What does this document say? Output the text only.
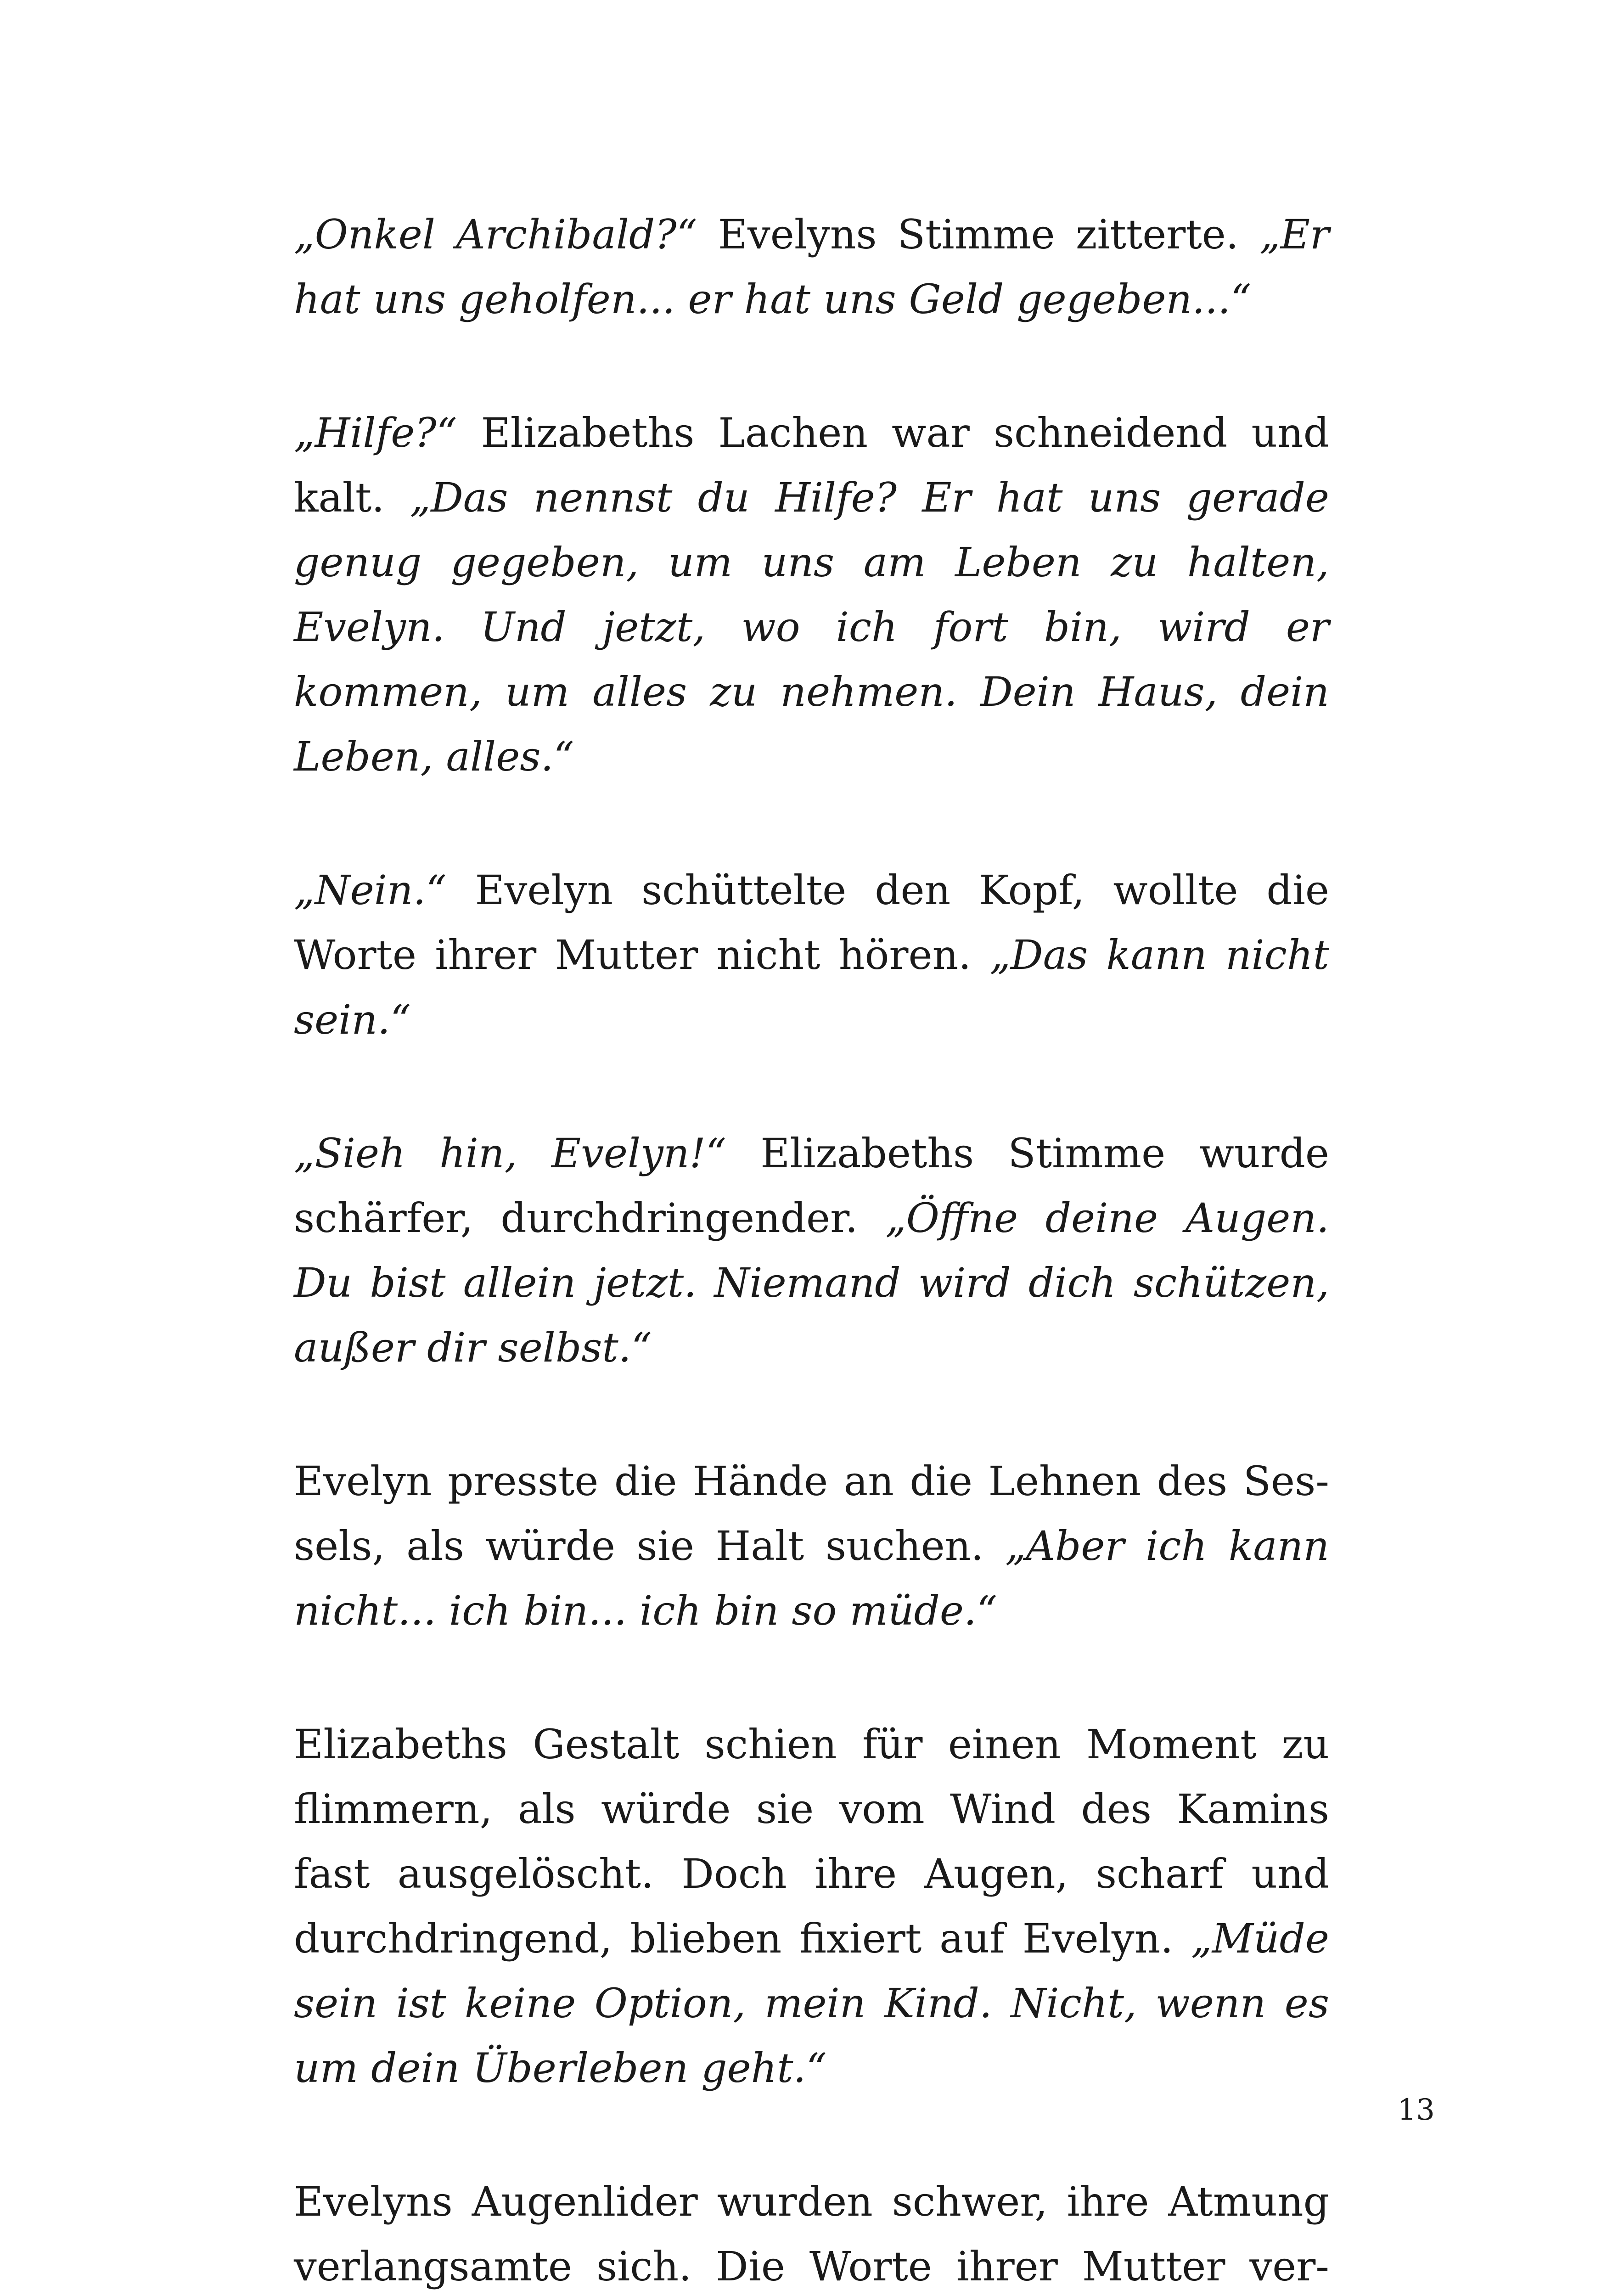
„Onkel Archibald?“ Evelyns Stimme zitterte. „Er hat uns geholfen... er hat uns Geld gegeben...“

„Hilfe?“ Elizabeths Lachen war schneidend und kalt. „Das nennst du Hilfe? Er hat uns gerade genug gegeben, um uns am Leben zu halten, Evelyn. Und jetzt, wo ich fort bin, wird er kommen, um alles zu nehmen. Dein Haus, dein Leben, alles.“

„Nein.“ Evelyn schüttelte den Kopf, wollte die Worte ihrer Mutter nicht hören. „Das kann nicht sein.“

„Sieh hin, Evelyn!“ Elizabeths Stimme wurde schärfer, durchdringender. „Öffne deine Augen. Du bist allein jetzt. Niemand wird dich schützen, außer dir selbst.“

Evelyn presste die Hände an die Lehnen des Sessels, als würde sie Halt suchen. „Aber ich kann nicht... ich bin... ich bin so müde.“

Elizabeths Gestalt schien für einen Moment zu flimmern, als würde sie vom Wind des Kamins fast ausgelöscht. Doch ihre Augen, scharf und durchdringend, blieben fixiert auf Evelyn. „Müde sein ist keine Option, mein Kind. Nicht, wenn es um dein Überleben geht.“

Evelyns Augenlider wurden schwer, ihre Atmung verlangsamte sich. Die Worte ihrer Mutter ver

13
